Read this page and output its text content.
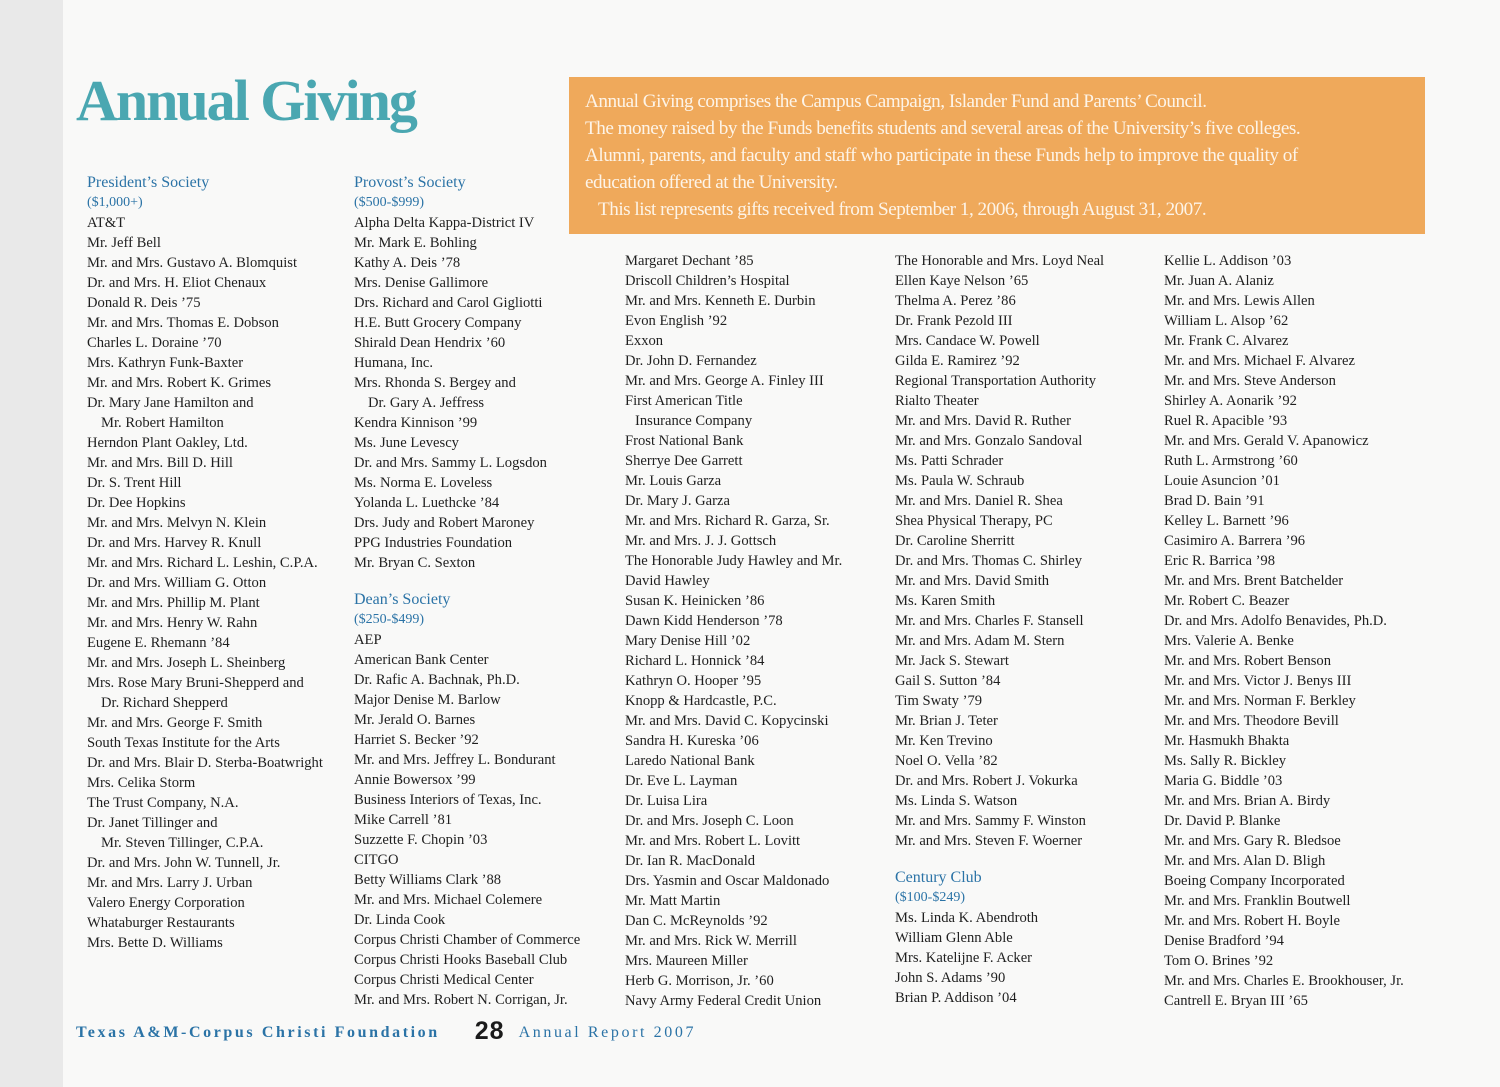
Annual Giving	Annual Giving comprises the Campus Campaign, Islander Fund and Parents’ Council.
The money raised by the Funds benefits students and several areas of the University’s five colleges.
Alumni, parents, and faculty and staff who participate in these Funds help to improve the quality of
education offered at the University.
This list represents gifts received from September 1, 2006, through August 31, 2007.
President’s Society
($1,000+)
AT&T
Mr. Jeff Bell
Mr. and Mrs. Gustavo A. Blomquist
Dr. and Mrs. H. Eliot Chenaux
Donald R. Deis ’75
Mr. and Mrs. Thomas E. Dobson
Charles L. Doraine ’70
Mrs. Kathryn Funk-Baxter
Mr. and Mrs. Robert K. Grimes
Dr. Mary Jane Hamilton and
Mr. Robert Hamilton
Herndon Plant Oakley, Ltd.
Mr. and Mrs. Bill D. Hill
Dr. S. Trent Hill
Dr. Dee Hopkins
Mr. and Mrs. Melvyn N. Klein
Dr. and Mrs. Harvey R. Knull
Mr. and Mrs. Richard L. Leshin, C.P.A.
Dr. and Mrs. William G. Otton
Mr. and Mrs. Phillip M. Plant
Mr. and Mrs. Henry W. Rahn
Eugene E. Rhemann ’84
Mr. and Mrs. Joseph L. Sheinberg
Mrs. Rose Mary Bruni-Shepperd and
Dr. Richard Shepperd
Mr. and Mrs. George F. Smith
South Texas Institute for the Arts
Dr. and Mrs. Blair D. Sterba-Boatwright
Mrs. Celika Storm
The Trust Company, N.A.
Dr. Janet Tillinger and
Mr. Steven Tillinger, C.P.A.
Dr. and Mrs. John W. Tunnell, Jr.
Mr. and Mrs. Larry J. Urban
Valero Energy Corporation
Whataburger Restaurants
Mrs. Bette D. Williams
Provost’s Society
($500-$999)
Alpha Delta Kappa-District IV
Mr. Mark E. Bohling
Kathy A. Deis ’78
Mrs. Denise Gallimore
Drs. Richard and Carol Gigliotti
H.E. Butt Grocery Company
Shirald Dean Hendrix ’60
Humana, Inc.
Mrs. Rhonda S. Bergey and
Dr. Gary A. Jeffress
Kendra Kinnison ’99
Ms. June Levescy
Dr. and Mrs. Sammy L. Logsdon
Ms. Norma E. Loveless
Yolanda L. Luethcke ’84
Drs. Judy and Robert Maroney
PPG Industries Foundation
Mr. Bryan C. Sexton
Dean’s Society
($250-$499)
AEP
American Bank Center
Dr. Rafic A. Bachnak, Ph.D.
Major Denise M. Barlow
Mr. Jerald O. Barnes
Harriet S. Becker ’92
Mr. and Mrs. Jeffrey L. Bondurant
Annie Bowersox ’99
Business Interiors of Texas, Inc.
Mike Carrell ’81
Suzzette F. Chopin ’03
CITGO
Betty Williams Clark ’88
Mr. and Mrs. Michael Colemere
Dr. Linda Cook
Corpus Christi Chamber of Commerce
Corpus Christi Hooks Baseball Club
Corpus Christi Medical Center
Mr. and Mrs. Robert N. Corrigan, Jr.
Margaret Dechant ’85
Driscoll Children’s Hospital
Mr. and Mrs. Kenneth E. Durbin
Evon English ’92
Exxon
Dr. John D. Fernandez
Mr. and Mrs. George A. Finley III
First American Title
Insurance Company
Frost National Bank
Sherrye Dee Garrett
Mr. Louis Garza
Dr. Mary J. Garza
Mr. and Mrs. Richard R. Garza, Sr.
Mr. and Mrs. J. J. Gottsch
The Honorable Judy Hawley and Mr.
David Hawley
Susan K. Heinicken ’86
Dawn Kidd Henderson ’78
Mary Denise Hill ’02
Richard L. Honnick ’84
Kathryn O. Hooper ’95
Knopp & Hardcastle, P.C.
Mr. and Mrs. David C. Kopycinski
Sandra H. Kureska ’06
Laredo National Bank
Dr. Eve L. Layman
Dr. Luisa Lira
Dr. and Mrs. Joseph C. Loon
Mr. and Mrs. Robert L. Lovitt
Dr. Ian R. MacDonald
Drs. Yasmin and Oscar Maldonado
Mr. Matt Martin
Dan C. McReynolds ’92
Mr. and Mrs. Rick W. Merrill
Mrs. Maureen Miller
Herb G. Morrison, Jr. ’60
Navy Army Federal Credit Union
The Honorable and Mrs. Loyd Neal
Ellen Kaye Nelson ’65
Thelma A. Perez ’86
Dr. Frank Pezold III
Mrs. Candace W. Powell
Gilda E. Ramirez ’92
Regional Transportation Authority
Rialto Theater
Mr. and Mrs. David R. Ruther
Mr. and Mrs. Gonzalo Sandoval
Ms. Patti Schrader
Ms. Paula W. Schraub
Mr. and Mrs. Daniel R. Shea
Shea Physical Therapy, PC
Dr. Caroline Sherritt
Dr. and Mrs. Thomas C. Shirley
Mr. and Mrs. David Smith
Ms. Karen Smith
Mr. and Mrs. Charles F. Stansell
Mr. and Mrs. Adam M. Stern
Mr. Jack S. Stewart
Gail S. Sutton ’84
Tim Swaty ’79
Mr. Brian J. Teter
Mr. Ken Trevino
Noel O. Vella ’82
Dr. and Mrs. Robert J. Vokurka
Ms. Linda S. Watson
Mr. and Mrs. Sammy F. Winston
Mr. and Mrs. Steven F. Woerner
Century Club
($100-$249)
Ms. Linda K. Abendroth
William Glenn Able
Mrs. Katelijne F. Acker
John S. Adams ’90
Brian P. Addison ’04
Kellie L. Addison ’03
Mr. Juan A. Alaniz
Mr. and Mrs. Lewis Allen
William L. Alsop ’62
Mr. Frank C. Alvarez
Mr. and Mrs. Michael F. Alvarez
Mr. and Mrs. Steve Anderson
Shirley A. Aonarik ’92
Ruel R. Apacible ’93
Mr. and Mrs. Gerald V. Apanowicz
Ruth L. Armstrong ’60
Louie Asuncion ’01
Brad D. Bain ’91
Kelley L. Barnett ’96
Casimiro A. Barrera ’96
Eric R. Barrica ’98
Mr. and Mrs. Brent Batchelder
Mr. Robert C. Beazer
Dr. and Mrs. Adolfo Benavides, Ph.D.
Mrs. Valerie A. Benke
Mr. and Mrs. Robert Benson
Mr. and Mrs. Victor J. Benys III
Mr. and Mrs. Norman F. Berkley
Mr. and Mrs. Theodore Bevill
Mr. Hasmukh Bhakta
Ms. Sally R. Bickley
Maria G. Biddle ’03
Mr. and Mrs. Brian A. Birdy
Dr. David P. Blanke
Mr. and Mrs. Gary R. Bledsoe
Mr. and Mrs. Alan D. Bligh
Boeing Company Incorporated
Mr. and Mrs. Franklin Boutwell
Mr. and Mrs. Robert H. Boyle
Denise Bradford ’94
Tom O. Brines ’92
Mr. and Mrs. Charles E. Brookhouser, Jr.
Cantrell E. Bryan III ’65
Texas A&M-Corpus Christi Foundation 28 Annual Report 2007
